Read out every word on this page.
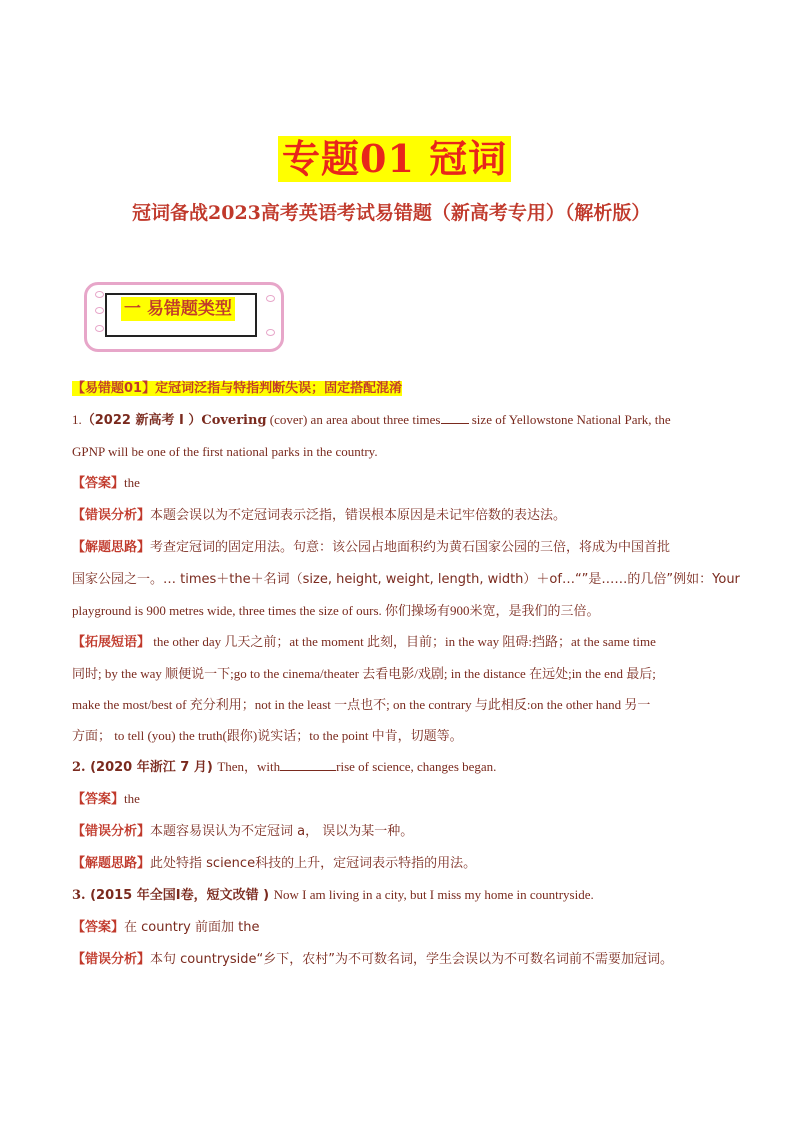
专题01 冠词
冠词备战2023高考英语考试易错题（新高考专用）（解析版）
一 易错题类型
【易错题01】定冠词泛指与特指判断失误；固定搭配混淆
1.（2022 新高考 I ）Covering (cover) an area about three times size of Yellowstone National Park, the
GPNP will be one of the first national parks in the country.
【答案】the
【错误分析】本题会误以为不定冠词表示泛指，错误根本原因是未记牢倍数的表达法。
【解题思路】考查定冠词的固定用法。句意：该公园占地面积约为黄石国家公园的三倍，将成为中国首批
国家公园之一。… times＋the＋名词（size, height, weight, length, width）＋of…“”是……的几倍”例如：Your
playground is 900 metres wide, three times the size of ours. 你们操场有900米宽，是我们的三倍。
【拓展短语】 the other day 几天之前；at the moment 此刻，目前；in the way 阻碍:挡路；at the same time
同时; by the way 顺便说一下;go to the cinema/theater 去看电影/戏剧; in the distance 在远处;in the end 最后;
make the most/best of 充分利用；not in the least 一点也不; on the contrary 与此相反:on the other hand 另一
方面； to tell (you) the truth(跟你)说实话；to the point 中肯，切题等。
2. (2020 年浙江 7 月) Then，with	rise of science, changes began.
【答案】the
【错误分析】本题容易误认为不定冠词 a， 误以为某一种。
【解题思路】此处特指 science科技的上升，定冠词表示特指的用法。
3. (2015 年全国I卷，短文改错 ) Now I am living in a city, but I miss my home in countryside.
【答案】在 country 前面加 the
【错误分析】本句 countryside“乡下，农村”为不可数名词，学生会误以为不可数名词前不需要加冠词。
